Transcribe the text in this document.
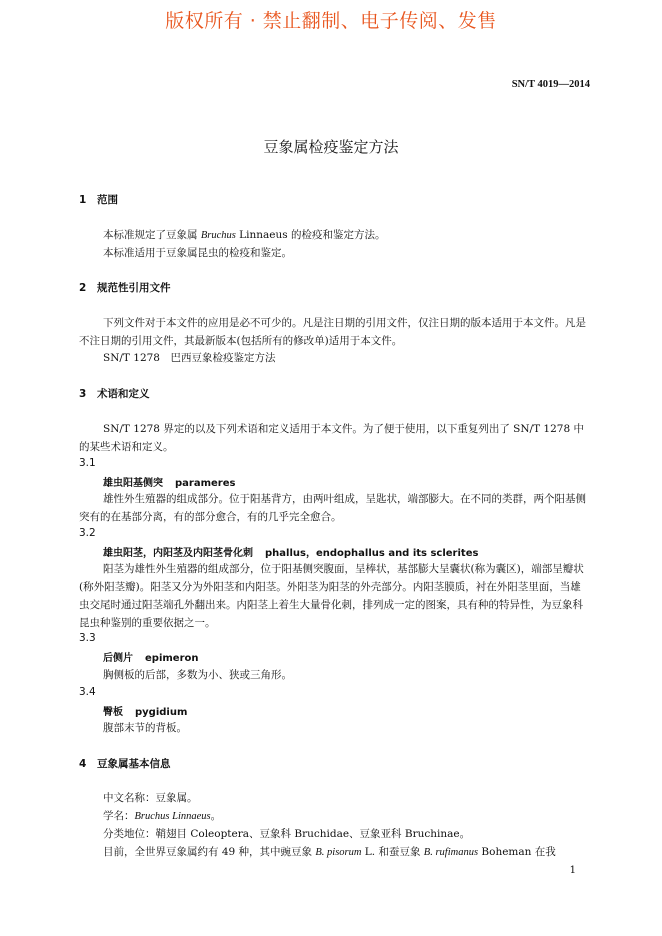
版权所有 · 禁止翻制、电子传阅、发售
SN/T 4019—2014
豆象属检疫鉴定方法
1 范围
本标准规定了豆象属 Bruchus Linnaeus 的检疫和鉴定方法。
本标准适用于豆象属昆虫的检疫和鉴定。
2 规范性引用文件
下列文件对于本文件的应用是必不可少的。凡是注日期的引用文件，仅注日期的版本适用于本文件。凡是不注日期的引用文件，其最新版本(包括所有的修改单)适用于本文件。
SN/T 1278　巴西豆象检疫鉴定方法
3 术语和定义
SN/T 1278 界定的以及下列术语和定义适用于本文件。为了便于使用，以下重复列出了 SN/T 1278 中的某些术语和定义。
3.1
雄虫阳基侧突 parameres
雄性外生殖器的组成部分。位于阳基背方，由两叶组成，呈匙状，端部膨大。在不同的类群，两个阳基侧突有的在基部分离，有的部分愈合，有的几乎完全愈合。
3.2
雄虫阳茎，内阳茎及内阳茎骨化刺 phallus，endophallus and its sclerites
阳茎为雄性外生殖器的组成部分，位于阳基侧突腹面，呈棒状，基部膨大呈囊状(称为囊区)，端部呈瓣状(称外阳茎瓣)。阳茎又分为外阳茎和内阳茎。外阳茎为阳茎的外壳部分。内阳茎膜质，衬在外阳茎里面，当雄虫交尾时通过阳茎端孔外翻出来。内阳茎上着生大量骨化刺，排列成一定的图案，具有种的特异性，为豆象科昆虫种鉴别的重要依据之一。
3.3
后侧片 epimeron
胸侧板的后部，多数为小、狭或三角形。
3.4
臀板 pygidium
腹部末节的背板。
4 豆象属基本信息
中文名称：豆象属。
学名：Bruchus Linnaeus。
分类地位：鞘翅目 Coleoptera、豆象科 Bruchidae、豆象亚科 Bruchinae。
目前，全世界豆象属约有 49 种，其中豌豆象 B. pisorum L. 和蚕豆象 B. rufimanus Boheman 在我
1
